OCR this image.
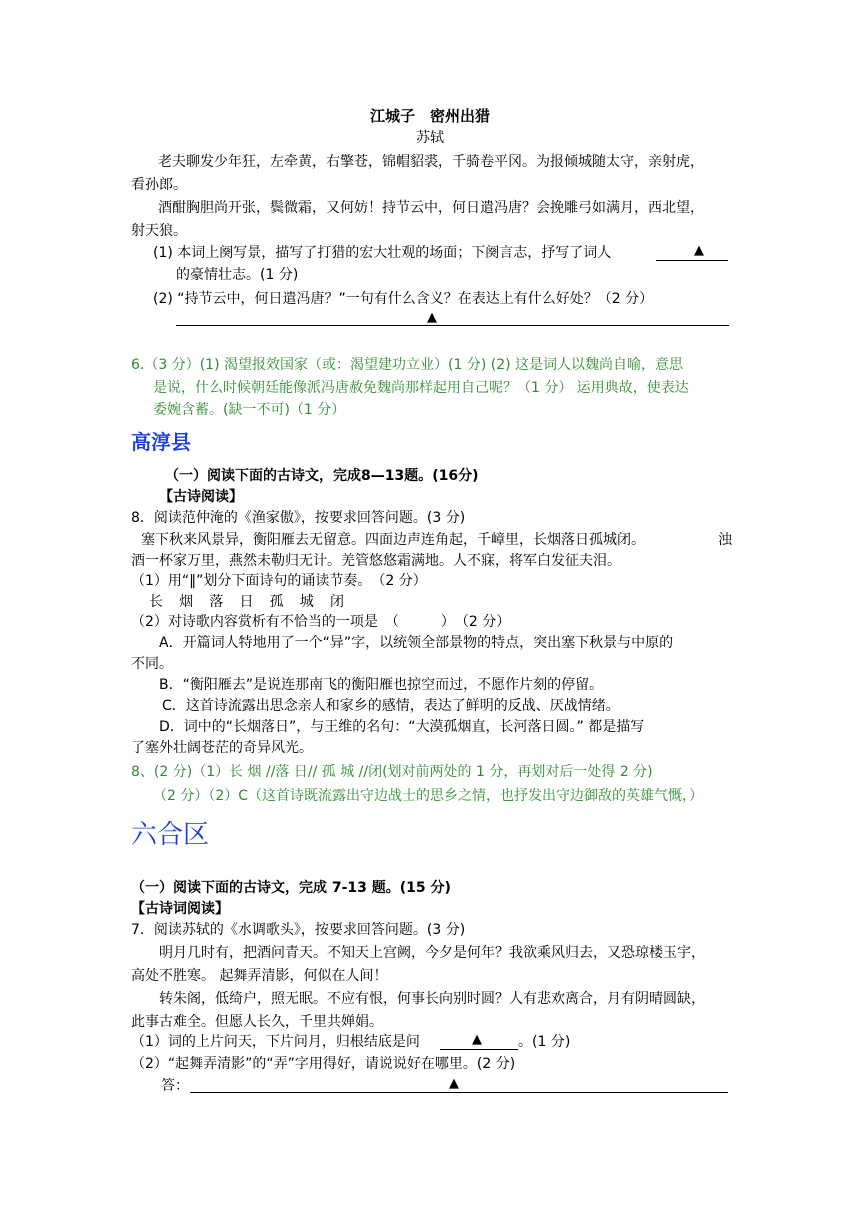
江城子　密州出猎
苏轼
老夫聊发少年狂，左牵黄，右擎苍，锦帽貂裘，千骑卷平冈。为报倾城随太守，亲射虎，
看孙郎。
酒酣胸胆尚开张，鬓微霜，又何妨！持节云中，何日遣冯唐？会挽雕弓如满月，西北望，
射天狼。
(1) 本词上阕写景，描写了打猎的宏大壮观的场面；下阕言志，抒写了词人	▲
的豪情壮志。(1 分)
(2) “持节云中，何日遣冯唐？”一句有什么含义？在表达上有什么好处？（2 分）
▲
6.（3 分）(1) 渴望报效国家（或：渴望建功立业）(1 分) (2) 这是词人以魏尚自喻，意思
是说，什么时候朝廷能像派冯唐赦免魏尚那样起用自己呢？（1 分） 运用典故，使表达
委婉含蓄。(缺一不可)（1 分）
高淳县
（一）阅读下面的古诗文，完成8—13题。(16分)
【古诗阅读】
8．阅读范仲淹的《渔家傲》，按要求回答问题。(3 分)
塞下秋来风景异，衡阳雁去无留意。四面边声连角起，千嶂里，长烟落日孤城闭。	浊
酒一杯家万里，燕然未勒归无计。羌管悠悠霜满地。人不寐，将军白发征夫泪。
（1）用“‖”划分下面诗句的诵读节奏。　（2 分）
长 烟 落 日 孤 城 闭
（2）对诗歌内容赏析有不恰当的一项是　（　　　）　（2 分）
A．开篇词人特地用了一个“异”字，以统领全部景物的特点，突出塞下秋景与中原的
不同。
B．“衡阳雁去”是说连那南飞的衡阳雁也掠空而过，不愿作片刻的停留。
C．这首诗流露出思念亲人和家乡的感情，表达了鲜明的反战、厌战情绪。
D．词中的“长烟落日”，与王维的名句：“大漠孤烟直，长河落日圆。” 都是描写
了塞外壮阔苍茫的奇异风光。
8、(2 分)（1）长 烟 //落 日// 孤 城 //闭(划对前两处的 1 分，再划对后一处得 2 分)
（2 分）（2）C（这首诗既流露出守边战士的思乡之情，也抒发出守边御敌的英雄气慨，）
六合区
（一）阅读下面的古诗文，完成 7-13 题。(15 分)
【古诗词阅读】
7．阅读苏轼的《水调歌头》，按要求回答问题。(3 分)
明月几时有，把酒问青天。不知天上宫阙，今夕是何年？我欲乘风归去，又恐琼楼玉宇，
高处不胜寒。 起舞弄清影，何似在人间！
转朱阁，低绮户，照无眠。不应有恨，何事长向别时圆？人有悲欢离合，月有阴晴圆缺，
此事古难全。但愿人长久，千里共婵娟。
（1）词的上片问天，下片问月，归根结底是问	▲	。(1 分)
（2）“起舞弄清影”的“弄”字用得好，请说说好在哪里。(2 分)
答：	▲
